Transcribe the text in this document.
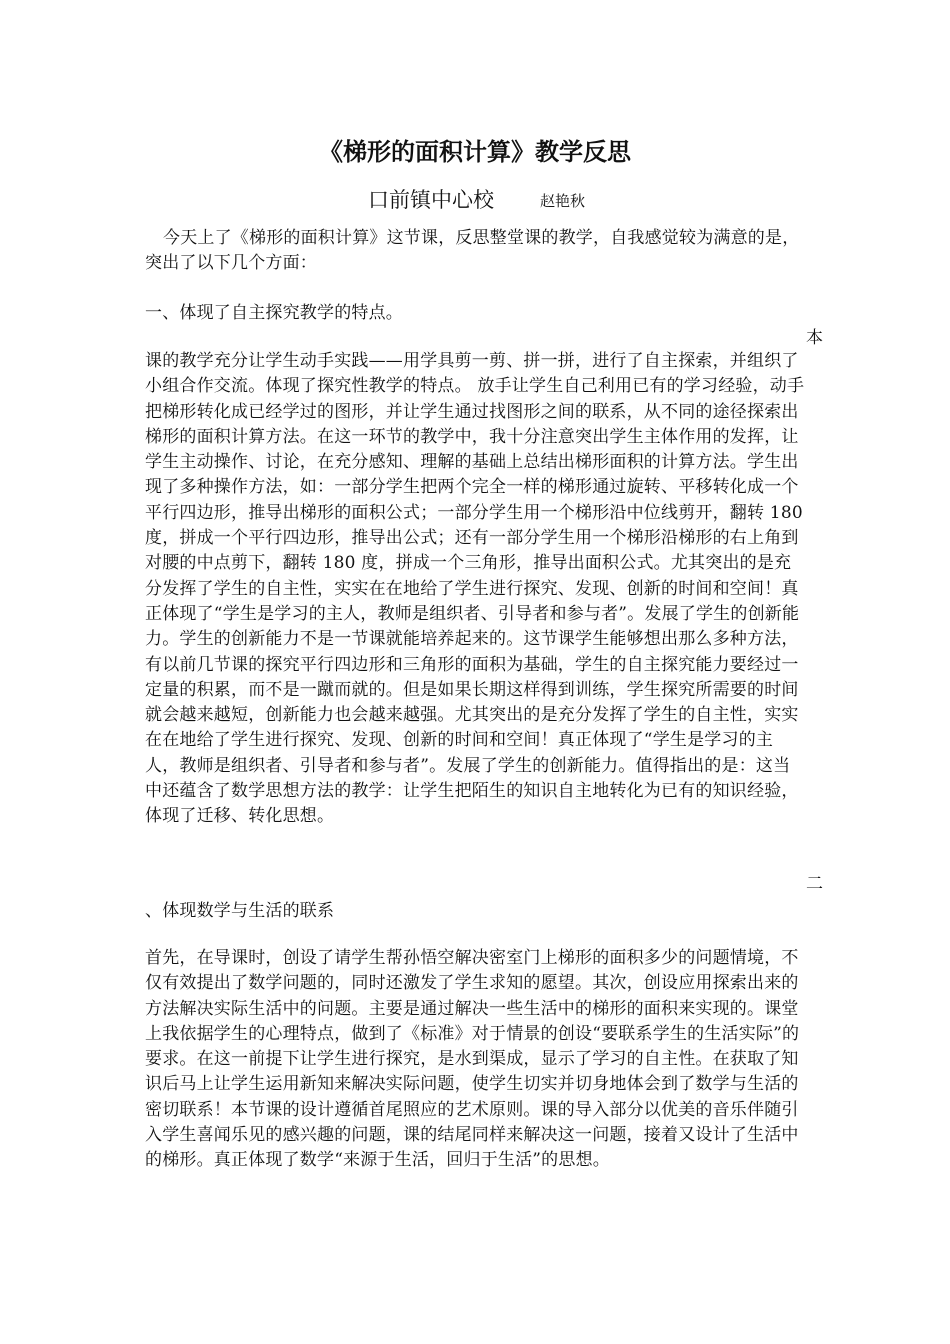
《梯形的面积计算》教学反思
口前镇中心校	赵艳秋
今天上了《梯形的面积计算》这节课，反思整堂课的教学，自我感觉较为满意的是，突出了以下几个方面：
一、体现了自主探究教学的特点。
本
课的教学充分让学生动手实践——用学具剪一剪、拼一拼，进行了自主探索，并组织了小组合作交流。体现了探究性教学的特点。 放手让学生自己利用已有的学习经验，动手把梯形转化成已经学过的图形，并让学生通过找图形之间的联系，从不同的途径探索出梯形的面积计算方法。在这一环节的教学中，我十分注意突出学生主体作用的发挥，让学生主动操作、讨论，在充分感知、理解的基础上总结出梯形面积的计算方法。学生出现了多种操作方法，如：一部分学生把两个完全一样的梯形通过旋转、平移转化成一个平行四边形，推导出梯形的面积公式；一部分学生用一个梯形沿中位线剪开，翻转 180 度，拼成一个平行四边形，推导出公式；还有一部分学生用一个梯形沿梯形的右上角到对腰的中点剪下，翻转 180 度，拼成一个三角形，推导出面积公式。尤其突出的是充分发挥了学生的自主性，实实在在地给了学生进行探究、发现、创新的时间和空间！真正体现了“学生是学习的主人，教师是组织者、引导者和参与者”。发展了学生的创新能力。学生的创新能力不是一节课就能培养起来的。这节课学生能够想出那么多种方法，有以前几节课的探究平行四边形和三角形的面积为基础，学生的自主探究能力要经过一定量的积累，而不是一蹴而就的。但是如果长期这样得到训练，学生探究所需要的时间就会越来越短，创新能力也会越来越强。尤其突出的是充分发挥了学生的自主性，实实在在地给了学生进行探究、发现、创新的时间和空间！真正体现了“学生是学习的主人，教师是组织者、引导者和参与者”。发展了学生的创新能力。值得指出的是：这当中还蕴含了数学思想方法的教学：让学生把陌生的知识自主地转化为已有的知识经验，体现了迁移、转化思想。
二
、体现数学与生活的联系
首先，在导课时，创设了请学生帮孙悟空解决密室门上梯形的面积多少的问题情境，不仅有效提出了数学问题的，同时还激发了学生求知的愿望。其次，创设应用探索出来的方法解决实际生活中的问题。主要是通过解决一些生活中的梯形的面积来实现的。课堂上我依据学生的心理特点，做到了《标准》对于情景的创设“要联系学生的生活实际”的要求。在这一前提下让学生进行探究，是水到渠成，显示了学习的自主性。在获取了知识后马上让学生运用新知来解决实际问题，使学生切实并切身地体会到了数学与生活的密切联系！本节课的设计遵循首尾照应的艺术原则。课的导入部分以优美的音乐伴随引入学生喜闻乐见的感兴趣的问题，课的结尾同样来解决这一问题，接着又设计了生活中的梯形。真正体现了数学“来源于生活，回归于生活”的思想。
